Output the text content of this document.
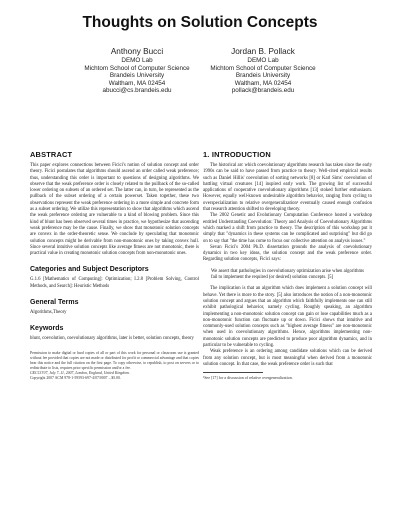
Thoughts on Solution Concepts
Anthony Bucci
DEMO Lab
Michtom School of Computer Science
Brandeis University
Waltham, MA 02454
abucci@cs.brandeis.edu
Jordan B. Pollack
DEMO Lab
Michtom School of Computer Science
Brandeis University
Waltham, MA 02454
pollack@brandeis.edu
ABSTRACT

This paper explores connections between Ficici's notion of solution concept and order theory. Ficici postulates that algorithms should ascend an order called weak preference; thus, understanding this order is important to questions of designing algorithms. We observe that the weak preference order is closely related to the pullback of the so-called lower ordering on subsets of an ordered set. The latter can, in turn, be represented as the pullback of the subset ordering of a certain powerset. Taken together, these two observations represent the weak preference ordering in a more simple and concrete form as a subset ordering. We utilize this representation to show that algorithms which ascend the weak preference ordering are vulnerable to a kind of blowing problem. Since this kind of blunt has been observed several times in practice, we hypothesize that ascending weak preference may be the cause. Finally, we show that monotonic solution concepts are convex in the order-theoretic sense. We conclude by speculating that monotonic solution concepts might be derivable from non-monotonic ones by taking convex hull. Since several intuitive solution concepts like average fitness are not monotonic, there is practical value in creating monotonic solution concepts from non-monotonic ones.

Categories and Subject Descriptors

G.1.6 [Mathematics of Computing]: Optimization; I.2.8 [Problem Solving, Control Methods, and Search]: Heuristic Methods

General Terms

Algorithms,Theory

Keywords

blunt, coevolution, coevolutionary algorithms, later is better, solution concepts, theory

Permission to make digital or hard copies of all or part of this work for personal or classroom use is granted without fee provided that copies are not made or distributed for profit or commercial advantage and that copies bear this notice and the full citation on the first page. To copy otherwise, to republish, to post on servers or to redistribute to lists, requires prior specific permission and/or a fee.

GECCO'07, July 7–11, 2007, London, England, United Kingdom.

Copyright 2007 ACM 978-1-59593-697-4/07/0007 ...$5.00.

1. INTRODUCTION

The historical arc which coevolutionary algorithms research has taken since the early 1990s can be said to have passed from practice to theory. Well-cited empirical results such as Daniel Hillis' coevolution of sorting networks [8] or Karl Sims' coevolution of battling virtual creatures [14] inspired early work. The growing list of successful applications of cooperative coevolutionary algorithms [13] stoked further enthusiasm. However, equally well-known undesirable algorithm behavior, ranging from cycling to overspecialization to relative overgeneralization¹ eventually caused enough confusion that research attention shifted to developing theory.

The 2002 Genetic and Evolutionary Computation Conference hosted a workshop entitled Understanding Coevolution: Theory and Analysis of Coevolutionary Algorithms which marked a shift from practice to theory. The description of this workshop put it simply that "dynamics in these systems can be complicated and surprising" but did go on to say that "the time has come to focus our collective attention on analysis issues."

Sevan Ficici's 2004 Ph.D. dissertation grounds the analysis of coevolutionary dynamics in two key ideas, the solution concept and the weak preference order. Regarding solution concepts, Ficici says:

We assert that pathologies in coevolutionary optimization arise when algorithms fail to implement the required (or desired) solution concepts. [5]

The implication is that an algorithm which does implement a solution concept will behave. Yet there is more to the story. [5] also introduces the notion of a non-monotonic solution concept and argues that an algorithm which faithfully implements one can still exhibit pathological behavior, namely cycling. Roughly speaking, an algorithm implementing a non-monotonic solution concept can gain or lose capabilities much as a non-monotonic function can fluctuate up or down. Ficici shows that intuitive and commonly-used solution concepts such as "highest average fitness" are non-monotonic when used in coevolutionary algorithms. Hence, algorithms implementing non-monotonic solution concepts are predicted to produce poor algorithm dynamics, and in particular to be vulnerable to cycling.

Weak preference is an ordering among candidate solutions which can be derived from any solution concept, but is most meaningful when derived from a monotonic solution concept. In that case, the weak preference order is such that

¹See [17] for a discussion of relative overgeneralization.
